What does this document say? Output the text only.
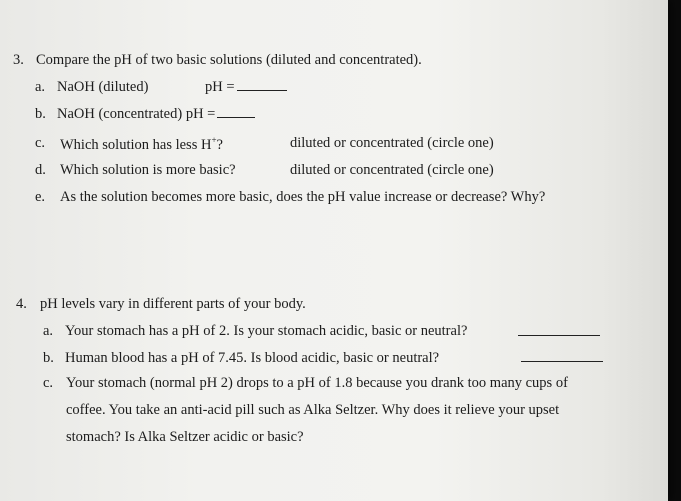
3. Compare the pH of two basic solutions (diluted and concentrated).
a. NaOH (diluted)	pH =
b. NaOH (concentrated) pH =
c. Which solution has less H+?	diluted or concentrated (circle one)
d. Which solution is more basic?	diluted or concentrated (circle one)
e. As the solution becomes more basic, does the pH value increase or decrease? Why?
4. pH levels vary in different parts of your body.
a. Your stomach has a pH of 2. Is your stomach acidic, basic or neutral?
b. Human blood has a pH of 7.45. Is blood acidic, basic or neutral?
c. Your stomach (normal pH 2) drops to a pH of 1.8 because you drank too many cups of
coffee. You take an anti-acid pill such as Alka Seltzer. Why does it relieve your upset
stomach? Is Alka Seltzer acidic or basic?
